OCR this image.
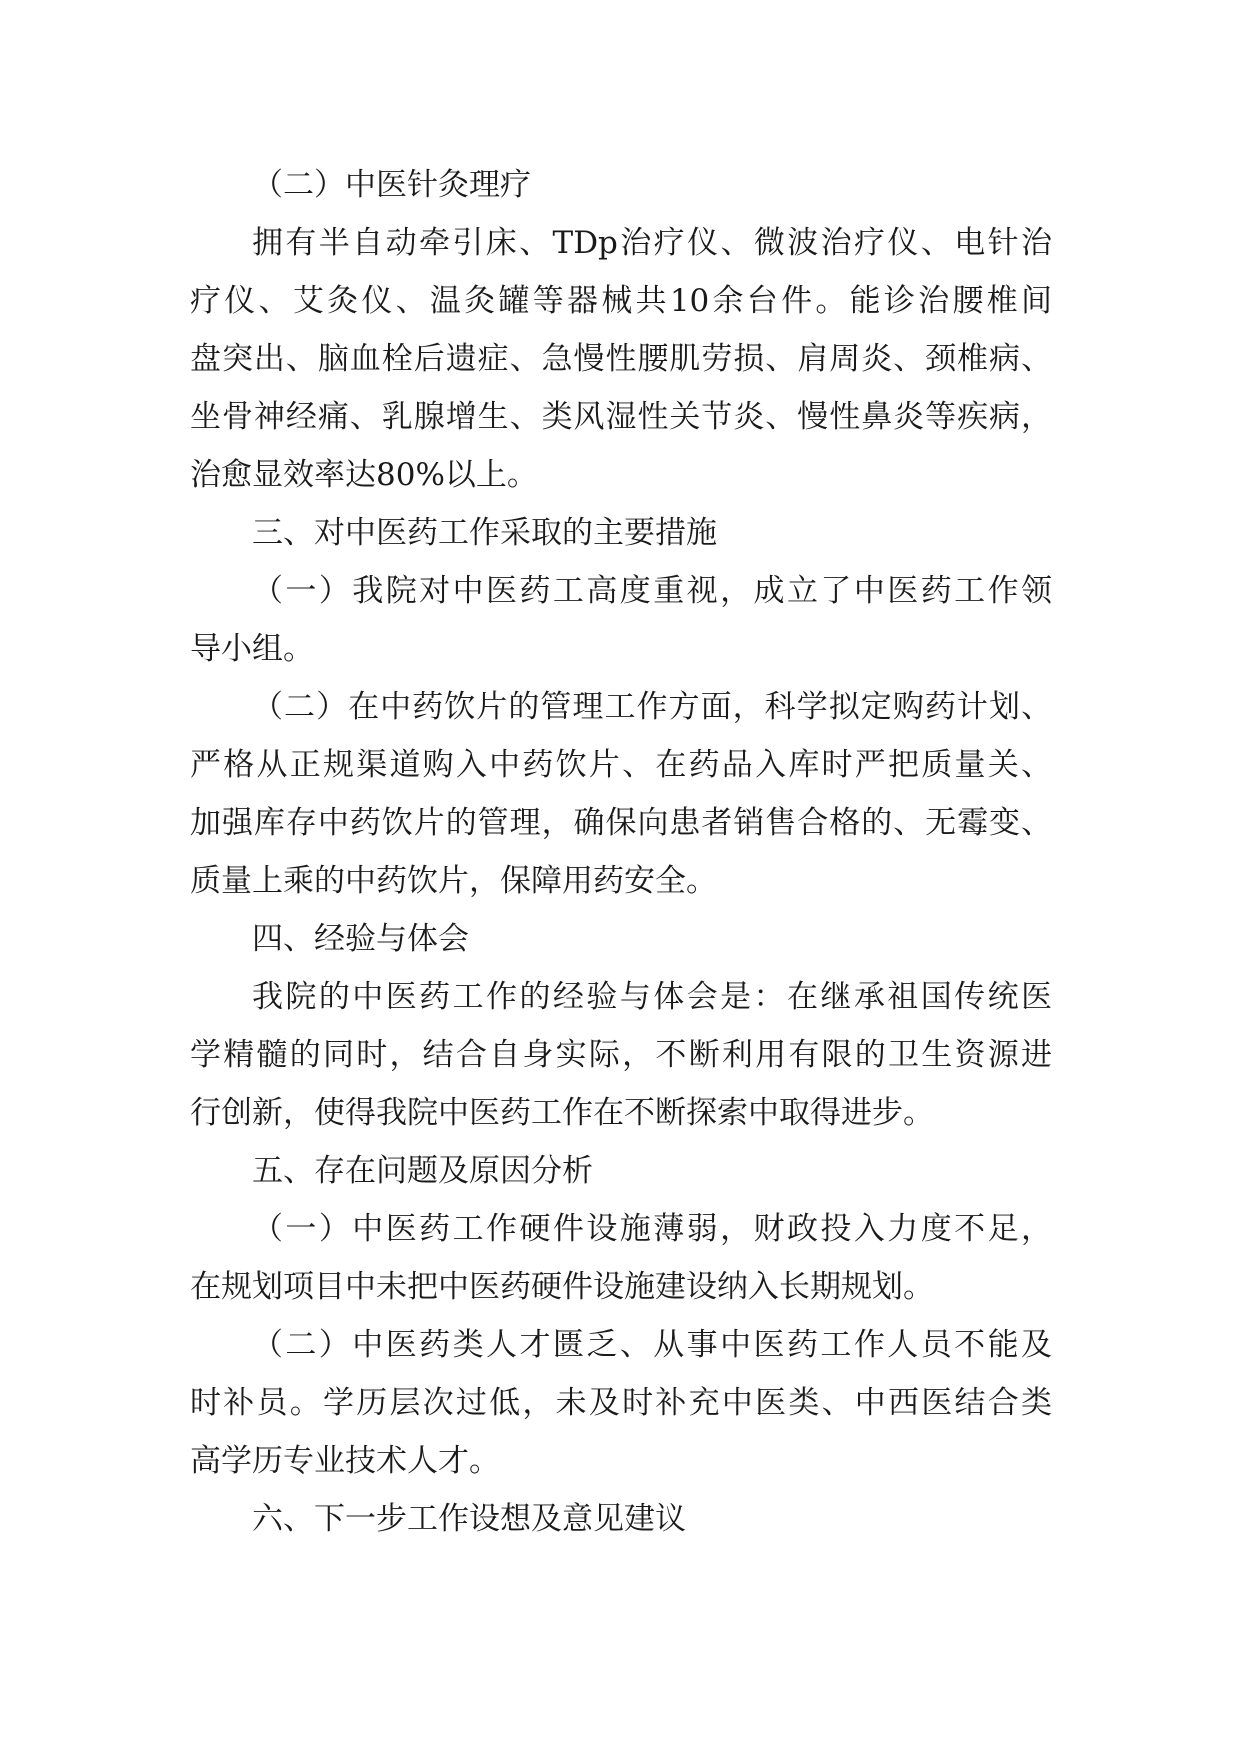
（二）中医针灸理疗

拥有半自动牵引床、TDp治疗仪、微波治疗仪、电针治

疗仪、艾灸仪、温灸罐等器械共10余台件。能诊治腰椎间

盘突出、脑血栓后遗症、急慢性腰肌劳损、肩周炎、颈椎病、

坐骨神经痛、乳腺增生、类风湿性关节炎、慢性鼻炎等疾病，

治愈显效率达80%以上。

三、对中医药工作采取的主要措施

（一）我院对中医药工高度重视，成立了中医药工作领

导小组。

（二）在中药饮片的管理工作方面，科学拟定购药计划、

严格从正规渠道购入中药饮片、在药品入库时严把质量关、

加强库存中药饮片的管理，确保向患者销售合格的、无霉变、

质量上乘的中药饮片，保障用药安全。

四、经验与体会

我院的中医药工作的经验与体会是：在继承祖国传统医

学精髓的同时，结合自身实际，不断利用有限的卫生资源进

行创新，使得我院中医药工作在不断探索中取得进步。

五、存在问题及原因分析

（一）中医药工作硬件设施薄弱，财政投入力度不足，

在规划项目中未把中医药硬件设施建设纳入长期规划。

（二）中医药类人才匮乏、从事中医药工作人员不能及

时补员。学历层次过低，未及时补充中医类、中西医结合类

高学历专业技术人才。

六、下一步工作设想及意见建议
